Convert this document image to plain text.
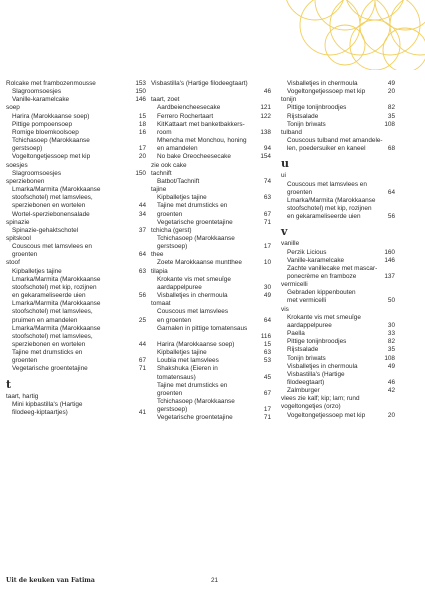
Rolcake met frambozenmousse	153
Slagroomsoesjes	150
Vanille-karamelcake	146
soep
Harira (Marokkaanse soep)	15
Pittige pompoensoep	18
Romige bloemkoolsoep	16
Tchichasoep (Marokkaanse
gerstsoep)	17
Vogeltongetjessoep met kip	20
soesjes
Slagroomsoesjes	150
sperziebonen
Lmarka/Marmita (Marokkaanse
stoofschotel) met lamsvlees,
sperziebonen en wortelen	44
Wortel-sperziebonensalade	34
spinazie
Spinazie-gehaktschotel	37
spitskool
Couscous met lamsvlees en
groenten	64
stoof
Kipballetjes tajine	63
Lmarka/Marmita (Marokkaanse
stoofschotel) met kip, rozijnen
en gekarameliseerde uien	56
Lmarka/Marmita (Marokkaanse
stoofschotel) met lamsvlees,
pruimen en amandelen	25
Lmarka/Marmita (Marokkaanse
stoofschotel) met lamsvlees,
sperziebonen en wortelen	44
Tajine met drumsticks en
groenten	67
Vegetarische groentetajine	71
t
taart, hartig
Mini kipbastilla's (Hartige
filodeeg-kiptaartjes)	41
Visbastilla's (Hartige filodeegtaart)
46
taart, zoet
Aardbeiencheesecake	121
Ferrero Rochertaart	122
KitKattaart met banketbakkers-
room	138
Mhencha met Monchou, honing
en amandelen	94
No bake Oreocheesecake	154
zie ook cake
tachnift
Batbot/Tachnift	74
tajine
Kipballetjes tajine	63
Tajine met drumsticks en
groenten	67
Vegetarische groentetajine	71
tchicha (gerst)
Tchichasoep (Marokkaanse
gerstsoep)	17
thee
Zoete Marokkaanse muntthee	10
tilapia
Krokante vis met smeuïge
aardappelpuree	30
Visballetjes in chermoula	49
tomaat
Couscous met lamsvlees
en groenten	64
Garnalen in pittige tomatensaus
116
Harira (Marokkaanse soep)	15
Kipballetjes tajine	63
Loubia met lamsvlees	53
Shakshuka (Eieren in
tomatensaus)	45
Tajine met drumsticks en
groenten	67
Tchichasoep (Marokkaanse
gerstsoep)	17
Vegetarische groentetajine	71
Visballetjes in chermoula	49
Vogeltongetjessoep met kip	20
tonijn
Pittige tonijnbroodjes	82
Rijstsalade	35
Tonijn briwats	108
tulband
Couscous tulband met amandele-
len, poedersuiker en kaneel	68
u
ui
Couscous met lamsvlees en
groenten	64
Lmarka/Marmita (Marokkaanse
stoofschotel) met kip, rozijnen
en gekarameliseerde uien	56
v
vanille
Perzik Licious	160
Vanille-karamelcake	146
Zachte vanillecake met mascar-
ponecrème en framboze	137
vermicelli
Gebraden kippenbouten
met vermicelli	50
vis
Krokante vis met smeuïge
aardappelpuree	30
Paella	33
Pittige tonijnbroodjes	82
Rijstsalade	35
Tonijn briwats	108
Visballetjes in chermoula	49
Visbastilla's (Hartige
filodeegtaart)	46
Zalmburger	42
vlees zie kalf; kip; lam; rund
vogeltongetjes (orzo)
Vogeltongetjessoep met kip	20
Uit de keuken van Fatima	21
